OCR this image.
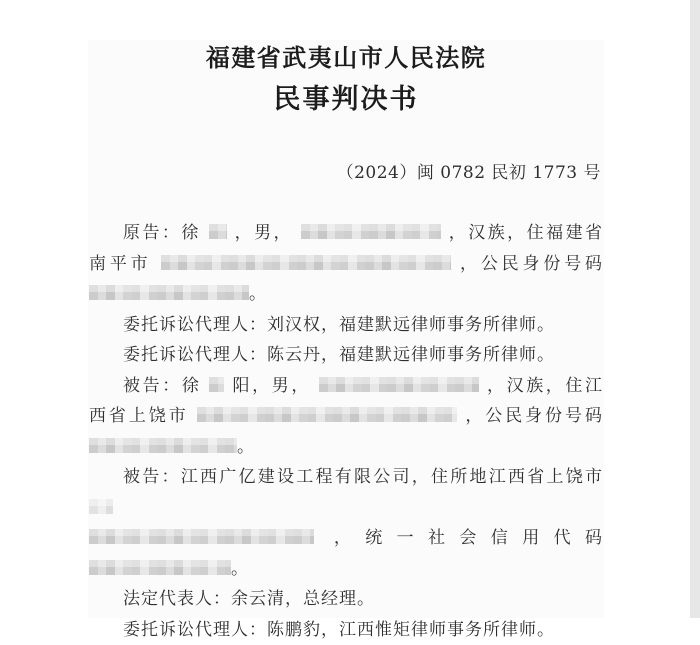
福建省武夷山市人民法院
民事判决书
（2024）闽 0782 民初 1773 号
原告：徐 ，男，	，汉族，住福建省
南平市	，公民身份号码
。
委托诉讼代理人：刘汉权，福建默远律师事务所律师。
委托诉讼代理人：陈云丹，福建默远律师事务所律师。
被告：徐 阳，男，	，汉族，住江
西省上饶市	，公民身份号码
。
被告：江西广亿建设工程有限公司，住所地江西省上饶市
，统一社会信用代码
。
法定代表人：余云清，总经理。
委托诉讼代理人：陈鹏豹，江西惟矩律师事务所律师。
